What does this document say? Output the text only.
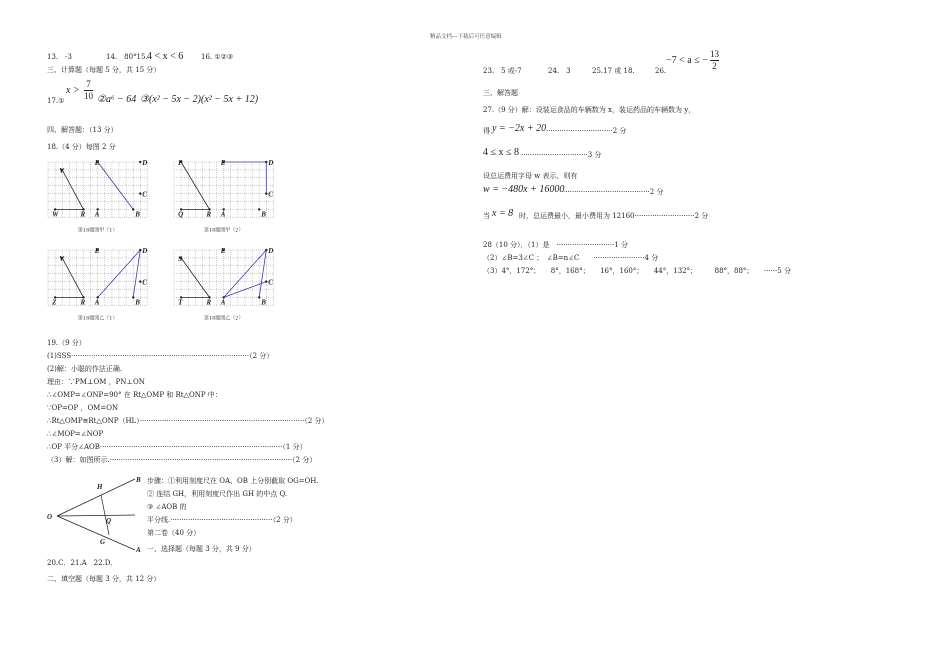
精品文档---下载后可任意编辑
13.　-3	14.　80°15. 4 < x < 6	16. ①②③
三、计算题（每题 5 分，共 15 分）
17.①
x >
7
10 ②a⁶ − 64 ③(x² − 5x − 2)(x² − 5x + 12)
四、解答题：（13 分）
18.（4 分）每图 2 分
V
E	D
C
W	R A	B
第18题图甲（1）
P	E	D
C
Q	R A	B
第18题图甲（2）
V
E	D
C
Z	R A	B
第18题图乙（1）
S
E	D
C
T	R A	B
第18题图乙（2）
19.（9 分）
(1)SSS················································································（2 分）
(2)解：小聪的作法正确.
理由：∵PM⊥OM ，PN⊥ON
∴∠OMP=∠ONP=90° 在 Rt△OMP 和 Rt△ONP 中：
∵OP=OP ，OM=ON
∴Rt△OMP≌Rt△ONP（HL）··········································································（2 分）
∴∠MOP=∠NOP
∴OP 平分∠AOB··················································································（1 分）
（3）解：如图所示.··················································································（2 分）
B
H
O	Q
G
A
步骤：①利用刻度尺在 OA、OB 上分别截取 OG=OH.
② 连结 GH，利用刻度尺作出 GH 的中点 Q.
③ ∠AOB 的
平分线.··············································（2 分）
第二卷（40 分）
一、选择题（每题 3 分，共 9 分）
20.C．21.A　22.D．
二、填空题（每题 3 分，共 12 分）
23.　5 或-7	24.　3	25.17 或 18.	26.
−7 < a ≤ −
13
2
三、解答题
27.（9 分）解：设装运食品的车辆数为 x，装运药品的车辆数为 y，
得 y = −2x + 20 ······························2 分
4 ≤ x ≤ 8 ······························3 分
设总运费用字母 w 表示，则有
w = −480x + 16000
·······································2 分
当 x = 8 时，总运费最小，最小费用为 12160···························2 分
28（10 分）．（1）是　··························1 分
（2）∠B=3∠C ；　∠B=n∠C　　·······················4 分
（3）4°，172°；　　8°，168°；　　16°，160°；　　44°，132°；　　　88°，88°；　　······5 分
